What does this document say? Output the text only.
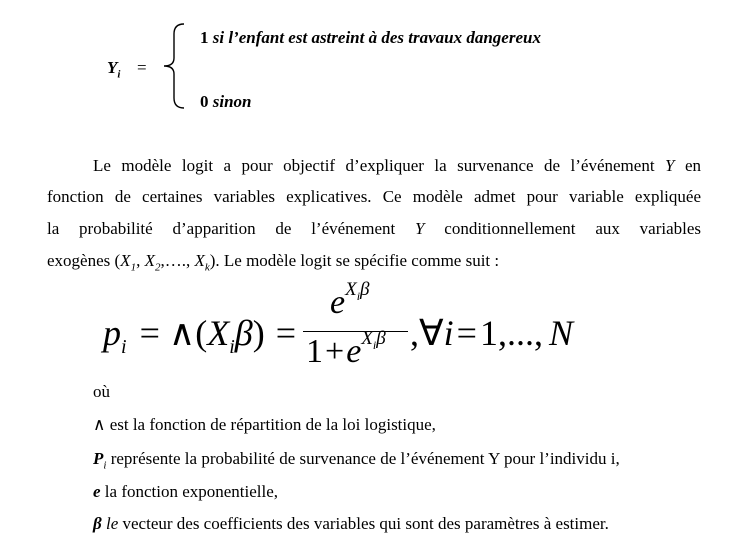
$Y_i$ =
1 si l’enfant est astreint à des travaux dangereux
0 sinon
Le modèle logit a pour objectif d’expliquer la survenance de l’événement Y en
fonction de certaines variables explicatives. Ce modèle admet pour variable expliquée
la probabilité d’apparition de l’événement Y conditionnellement aux variables
exogènes ($X_1$, $X_2,\dots$., $X_k$). Le modèle logit se spécifie comme suit :
$p_i$ = $\wedge(X_i\beta)$ =
$e^{X_i\beta}$
$1+e^{X_i\beta}$ ,∀i=1,..., N
où
∧ est la fonction de répartition de la loi logistique,
$P_i$ représente la probabilité de survenance de l’événement Y pour l’individu i,
e la fonction exponentielle,
β le vecteur des coefficients des variables qui sont des paramètres à estimer.
